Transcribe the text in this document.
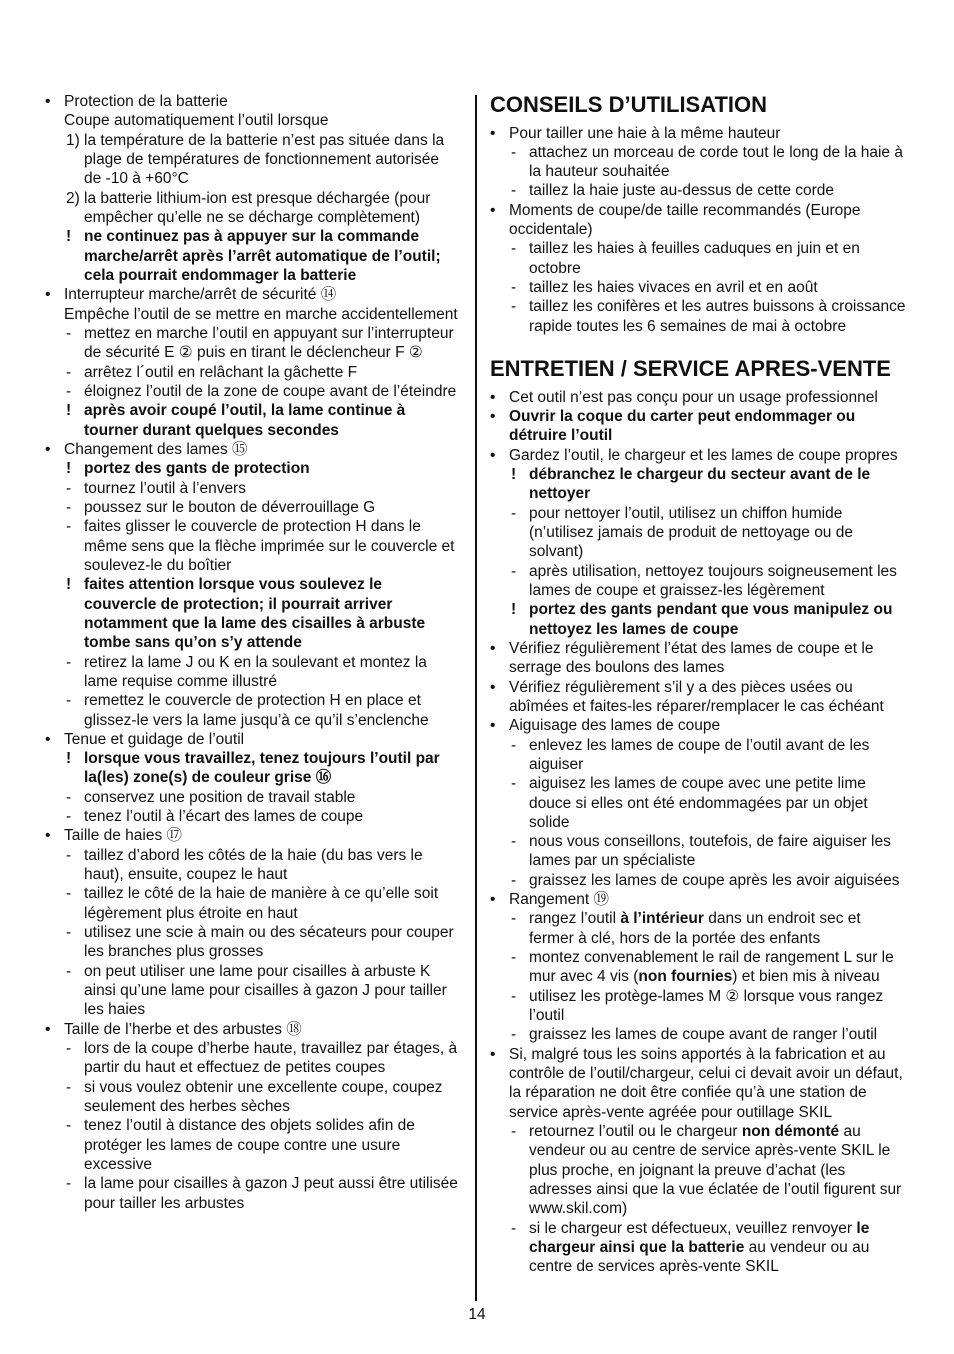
• Protection de la batterie
Coupe automatiquement l’outil lorsque
1) la température de la batterie n’est pas située dans la
plage de températures de fonctionnement autorisée
de -10 à +60°C
2) la batterie lithium-ion est presque déchargée (pour
empêcher qu’elle ne se décharge complètement)
! ne continuez pas à appuyer sur la commande
marche/arrêt après l’arrêt automatique de l’outil;
cela pourrait endommager la batterie
• Interrupteur marche/arrêt de sécurité ⑭
Empêche l’outil de se mettre en marche accidentellement
- mettez en marche l’outil en appuyant sur l’interrupteur
de sécurité E ② puis en tirant le déclencheur F ②
- arrêtez l´outil en relâchant la gâchette F
- éloignez l’outil de la zone de coupe avant de l’éteindre
! après avoir coupé l’outil, la lame continue à
tourner durant quelques secondes
• Changement des lames ⑮
! portez des gants de protection
- tournez l’outil à l’envers
- poussez sur le bouton de déverrouillage G
- faites glisser le couvercle de protection H dans le
même sens que la flèche imprimée sur le couvercle et
soulevez-le du boîtier
! faites attention lorsque vous soulevez le
couvercle de protection; il pourrait arriver
notamment que la lame des cisailles à arbuste
tombe sans qu’on s’y attende
- retirez la lame J ou K en la soulevant et montez la
lame requise comme illustré
- remettez le couvercle de protection H en place et
glissez-le vers la lame jusqu’à ce qu’il s’enclenche
• Tenue et guidage de l’outil
! lorsque vous travaillez, tenez toujours l’outil par
la(les) zone(s) de couleur grise ⑯
- conservez une position de travail stable
- tenez l’outil à l’écart des lames de coupe
• Taille de haies ⑰
- taillez d’abord les côtés de la haie (du bas vers le
haut), ensuite, coupez le haut
- taillez le côté de la haie de manière à ce qu’elle soit
légèrement plus étroite en haut
- utilisez une scie à main ou des sécateurs pour couper
les branches plus grosses
- on peut utiliser une lame pour cisailles à arbuste K
ainsi qu’une lame pour cisailles à gazon J pour tailler
les haies
• Taille de l’herbe et des arbustes ⑱
- lors de la coupe d’herbe haute, travaillez par étages, à
partir du haut et effectuez de petites coupes
- si vous voulez obtenir une excellente coupe, coupez
seulement des herbes sèches
- tenez l’outil à distance des objets solides afin de
protéger les lames de coupe contre une usure
excessive
- la lame pour cisailles à gazon J peut aussi être utilisée
pour tailler les arbustes
CONSEILS D’UTILISATION
• Pour tailler une haie à la même hauteur
- attachez un morceau de corde tout le long de la haie à
la hauteur souhaitée
- taillez la haie juste au-dessus de cette corde
• Moments de coupe/de taille recommandés (Europe
occidentale)
- taillez les haies à feuilles caduques en juin et en
octobre
- taillez les haies vivaces en avril et en août
- taillez les conifères et les autres buissons à croissance
rapide toutes les 6 semaines de mai à octobre
ENTRETIEN / SERVICE APRES-VENTE
• Cet outil n’est pas conçu pour un usage professionnel
• Ouvrir la coque du carter peut endommager ou
détruire l’outil
• Gardez l’outil, le chargeur et les lames de coupe propres
! débranchez le chargeur du secteur avant de le
nettoyer
- pour nettoyer l’outil, utilisez un chiffon humide
(n’utilisez jamais de produit de nettoyage ou de
solvant)
- après utilisation, nettoyez toujours soigneusement les
lames de coupe et graissez-les légèrement
! portez des gants pendant que vous manipulez ou
nettoyez les lames de coupe
• Vérifiez régulièrement l’état des lames de coupe et le
serrage des boulons des lames
• Vérifiez régulièrement s’il y a des pièces usées ou
abîmées et faites-les réparer/remplacer le cas échéant
• Aiguisage des lames de coupe
- enlevez les lames de coupe de l’outil avant de les
aiguiser
- aiguisez les lames de coupe avec une petite lime
douce si elles ont été endommagées par un objet
solide
- nous vous conseillons, toutefois, de faire aiguiser les
lames par un spécialiste
- graissez les lames de coupe après les avoir aiguisées
• Rangement ⑲
- rangez l’outil à l’intérieur dans un endroit sec et
fermer à clé, hors de la portée des enfants
- montez convenablement le rail de rangement L sur le
mur avec 4 vis (non fournies) et bien mis à niveau
- utilisez les protège-lames M ② lorsque vous rangez
l’outil
- graissez les lames de coupe avant de ranger l’outil
• Si, malgré tous les soins apportés à la fabrication et au
contrôle de l’outil/chargeur, celui ci devait avoir un défaut,
la réparation ne doit être confiée qu’à une station de
service après-vente agréée pour outillage SKIL
- retournez l’outil ou le chargeur non démonté au
vendeur ou au centre de service après-vente SKIL le
plus proche, en joignant la preuve d’achat (les
adresses ainsi que la vue éclatée de l’outil figurent sur
www.skil.com)
- si le chargeur est défectueux, veuillez renvoyer le
chargeur ainsi que la batterie au vendeur ou au
centre de services après-vente SKIL
14
